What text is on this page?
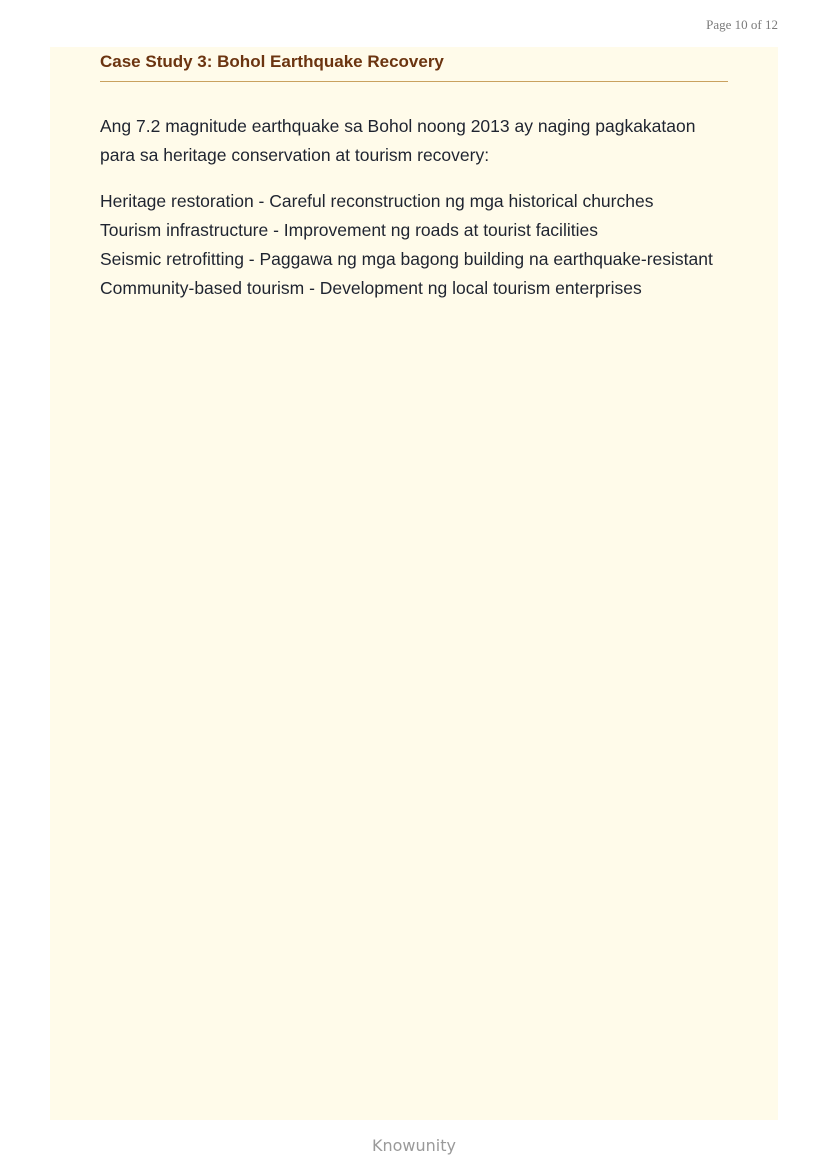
Page 10 of 12
Case Study 3: Bohol Earthquake Recovery

Ang 7.2 magnitude earthquake sa Bohol noong 2013 ay naging pagkakataon para sa heritage conservation at tourism recovery:

Heritage restoration - Careful reconstruction ng mga historical churches
Tourism infrastructure - Improvement ng roads at tourist facilities
Seismic retrofitting - Paggawa ng mga bagong building na earthquake-resistant
Community-based tourism - Development ng local tourism enterprises
Knowunity
